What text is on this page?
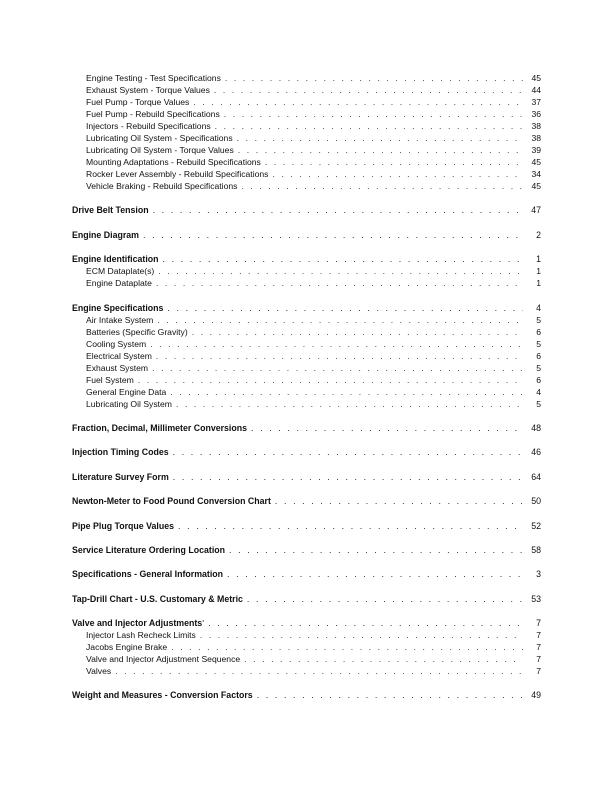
Engine Testing - Test Specifications . . .	45
Exhaust System - Torque Values . . .	44
Fuel Pump - Torque Values . . .	37
Fuel Pump - Rebuild Specifications . . .	36
Injectors - Rebuild Specifications . . .	38
Lubricating Oil System - Specifications . . .	38
Lubricating Oil System - Torque Values . . .	39
Mounting Adaptations - Rebuild Specifications . . .	45
Rocker Lever Assembly - Rebuild Specifications . . .	34
Vehicle Braking - Rebuild Specifications . . .	45
Drive Belt Tension . . .	47
Engine Diagram . . .	2
Engine Identification . . .	1
ECM Dataplate(s) . . .	1
Engine Dataplate . . .	1
Engine Specifications . . .	4
Air Intake System . . .	5
Batteries (Specific Gravity) . . .	6
Cooling System . . .	5
Electrical System . . .	6
Exhaust System . . .	5
Fuel System . . .	6
General Engine Data . . .	4
Lubricating Oil System . . .	5
Fraction, Decimal, Millimeter Conversions . . .	48
Injection Timing Codes . . .	46
Literature Survey Form . . .	64
Newton-Meter to Food Pound Conversion Chart . . .	50
Pipe Plug Torque Values . . .	52
Service Literature Ordering Location . . .	58
Specifications - General Information . . .	3
Tap-Drill Chart - U.S. Customary & Metric . . .	53
Valve and Injector Adjustments* . . .	7
Injector Lash Recheck Limits . . .	7
Jacobs Engine Brake . . .	7
Valve and Injector Adjustment Sequence . . .	7
Valves . . .	7
Weight and Measures - Conversion Factors . . .	49
